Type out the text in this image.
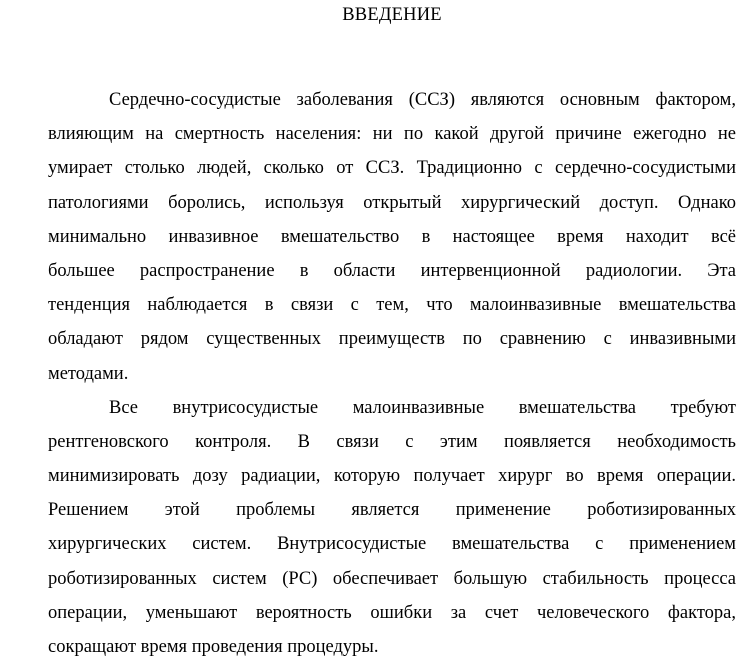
ВВЕДЕНИЕ
Сердечно-сосудистые заболевания (ССЗ) являются основным фактором,
влияющим на смертность населения: ни по какой другой причине ежегодно не
умирает столько людей, сколько от ССЗ. Традиционно с сердечно-сосудистыми
патологиями боролись, используя открытый хирургический доступ. Однако
минимально инвазивное вмешательство в настоящее время находит всё
большее распространение в области интервенционной радиологии. Эта
тенденция наблюдается в связи с тем, что малоинвазивные вмешательства
обладают рядом существенных преимуществ по сравнению с инвазивными
методами.
Все внутрисосудистые малоинвазивные вмешательства требуют
рентгеновского контроля. В связи с этим появляется необходимость
минимизировать дозу радиации, которую получает хирург во время операции.
Решением этой проблемы является применение роботизированных
хирургических систем. Внутрисосудистые вмешательства с применением
роботизированных систем (РС) обеспечивает большую стабильность процесса
операции, уменьшают вероятность ошибки за счет человеческого фактора,
сокращают время проведения процедуры.
